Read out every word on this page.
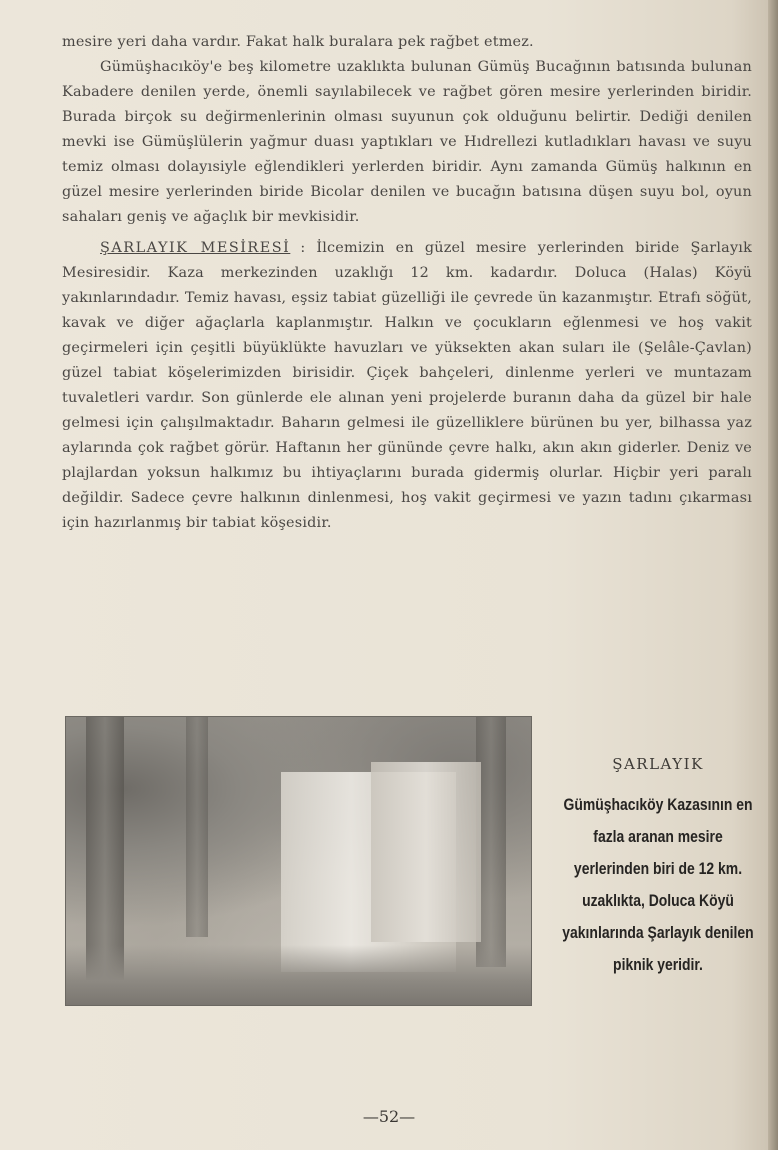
mesire yeri daha vardır. Fakat halk buralara pek rağbet etmez.

Gümüşhacıköy'e beş kilometre uzaklıkta bulunan Gümüş Bucağının batısında bulunan Kabadere denilen yerde, önemli sayılabilecek ve rağbet gören mesire yerlerinden biridir. Burada birçok su değirmenlerinin olması suyunun çok olduğunu belirtir. Dediği denilen mevki ise Gümüşlülerin yağmur duası yaptıkları ve Hıdrellezi kutladıkları havası ve suyu temiz olması dolayısiyle eğlendikleri yerlerden biridir. Aynı zamanda Gümüş halkının en güzel mesire yerlerinden biride Bicolar denilen ve bucağın batısına düşen suyu bol, oyun sahaları geniş ve ağaçlık bir mevkisidir.

ŞARLAYIK MESİRESİ : İlcemizin en güzel mesire yerlerinden biride Şarlayık Mesiresidir. Kaza merkezinden uzaklığı 12 km. kadardır. Doluca (Halas) Köyü yakınlarındadır. Temiz havası, eşsiz tabiat güzelliği ile çevrede ün kazanmıştır. Etrafı söğüt, kavak ve diğer ağaçlarla kaplanmıştır. Halkın ve çocukların eğlenmesi ve hoş vakit geçirmeleri için çeşitli büyüklükte havuzları ve yüksekten akan suları ile (Şelâle-Çavlan) güzel tabiat köşelerimizden birisidir. Çiçek bahçeleri, dinlenme yerleri ve muntazam tuvaletleri vardır. Son günlerde ele alınan yeni projelerde buranın daha da güzel bir hale gelmesi için çalışılmaktadır. Baharın gelmesi ile güzelliklere bürünen bu yer, bilhassa yaz aylarında çok rağbet görür. Haftanın her gününde çevre halkı, akın akın giderler. Deniz ve plajlardan yoksun halkımız bu ihtiyaçlarını burada gidermiş olurlar. Hiçbir yeri paralı değildir. Sadece çevre halkının dinlenmesi, hoş vakit geçirmesi ve yazın tadını çıkarması için hazırlanmış bir tabiat köşesidir.

ŞARLAYIK
Gümüşhacıköy Kazasının en fazla aranan mesire yerlerinden biri de 12 km. uzaklıkta, Doluca Köyü yakınlarında Şarlayık denilen piknik yeridir.
—52—
